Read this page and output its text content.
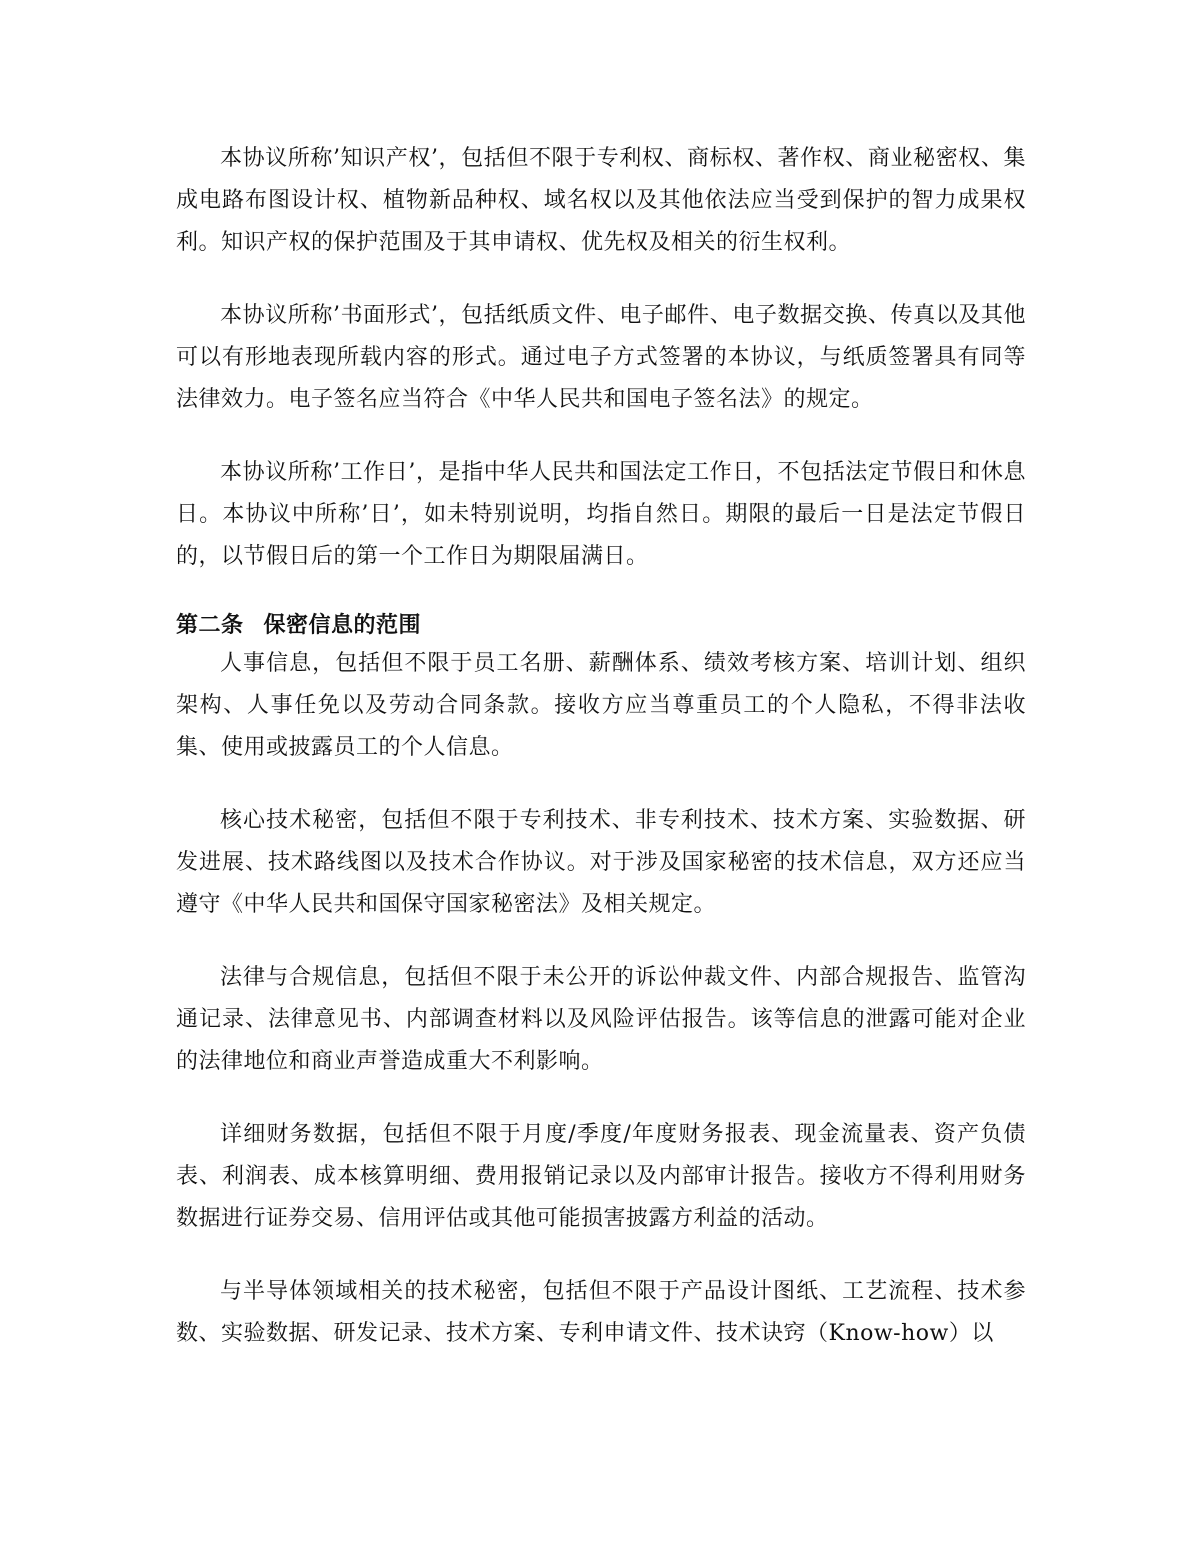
本协议所称’知识产权’，包括但不限于专利权、商标权、著作权、商业秘密权、集成电路布图设计权、植物新品种权、域名权以及其他依法应当受到保护的智力成果权利。知识产权的保护范围及于其申请权、优先权及相关的衍生权利。

本协议所称’书面形式’，包括纸质文件、电子邮件、电子数据交换、传真以及其他可以有形地表现所载内容的形式。通过电子方式签署的本协议，与纸质签署具有同等法律效力。电子签名应当符合《中华人民共和国电子签名法》的规定。

本协议所称’工作日’，是指中华人民共和国法定工作日，不包括法定节假日和休息日。本协议中所称’日’，如未特别说明，均指自然日。期限的最后一日是法定节假日的，以节假日后的第一个工作日为期限届满日。

第二条 保密信息的范围

人事信息，包括但不限于员工名册、薪酬体系、绩效考核方案、培训计划、组织架构、人事任免以及劳动合同条款。接收方应当尊重员工的个人隐私，不得非法收集、使用或披露员工的个人信息。

核心技术秘密，包括但不限于专利技术、非专利技术、技术方案、实验数据、研发进展、技术路线图以及技术合作协议。对于涉及国家秘密的技术信息，双方还应当遵守《中华人民共和国保守国家秘密法》及相关规定。

法律与合规信息，包括但不限于未公开的诉讼仲裁文件、内部合规报告、监管沟通记录、法律意见书、内部调查材料以及风险评估报告。该等信息的泄露可能对企业的法律地位和商业声誉造成重大不利影响。

详细财务数据，包括但不限于月度/季度/年度财务报表、现金流量表、资产负债表、利润表、成本核算明细、费用报销记录以及内部审计报告。接收方不得利用财务数据进行证券交易、信用评估或其他可能损害披露方利益的活动。

与半导体领域相关的技术秘密，包括但不限于产品设计图纸、工艺流程、技术参数、实验数据、研发记录、技术方案、专利申请文件、技术诀窍（Know-how）以
